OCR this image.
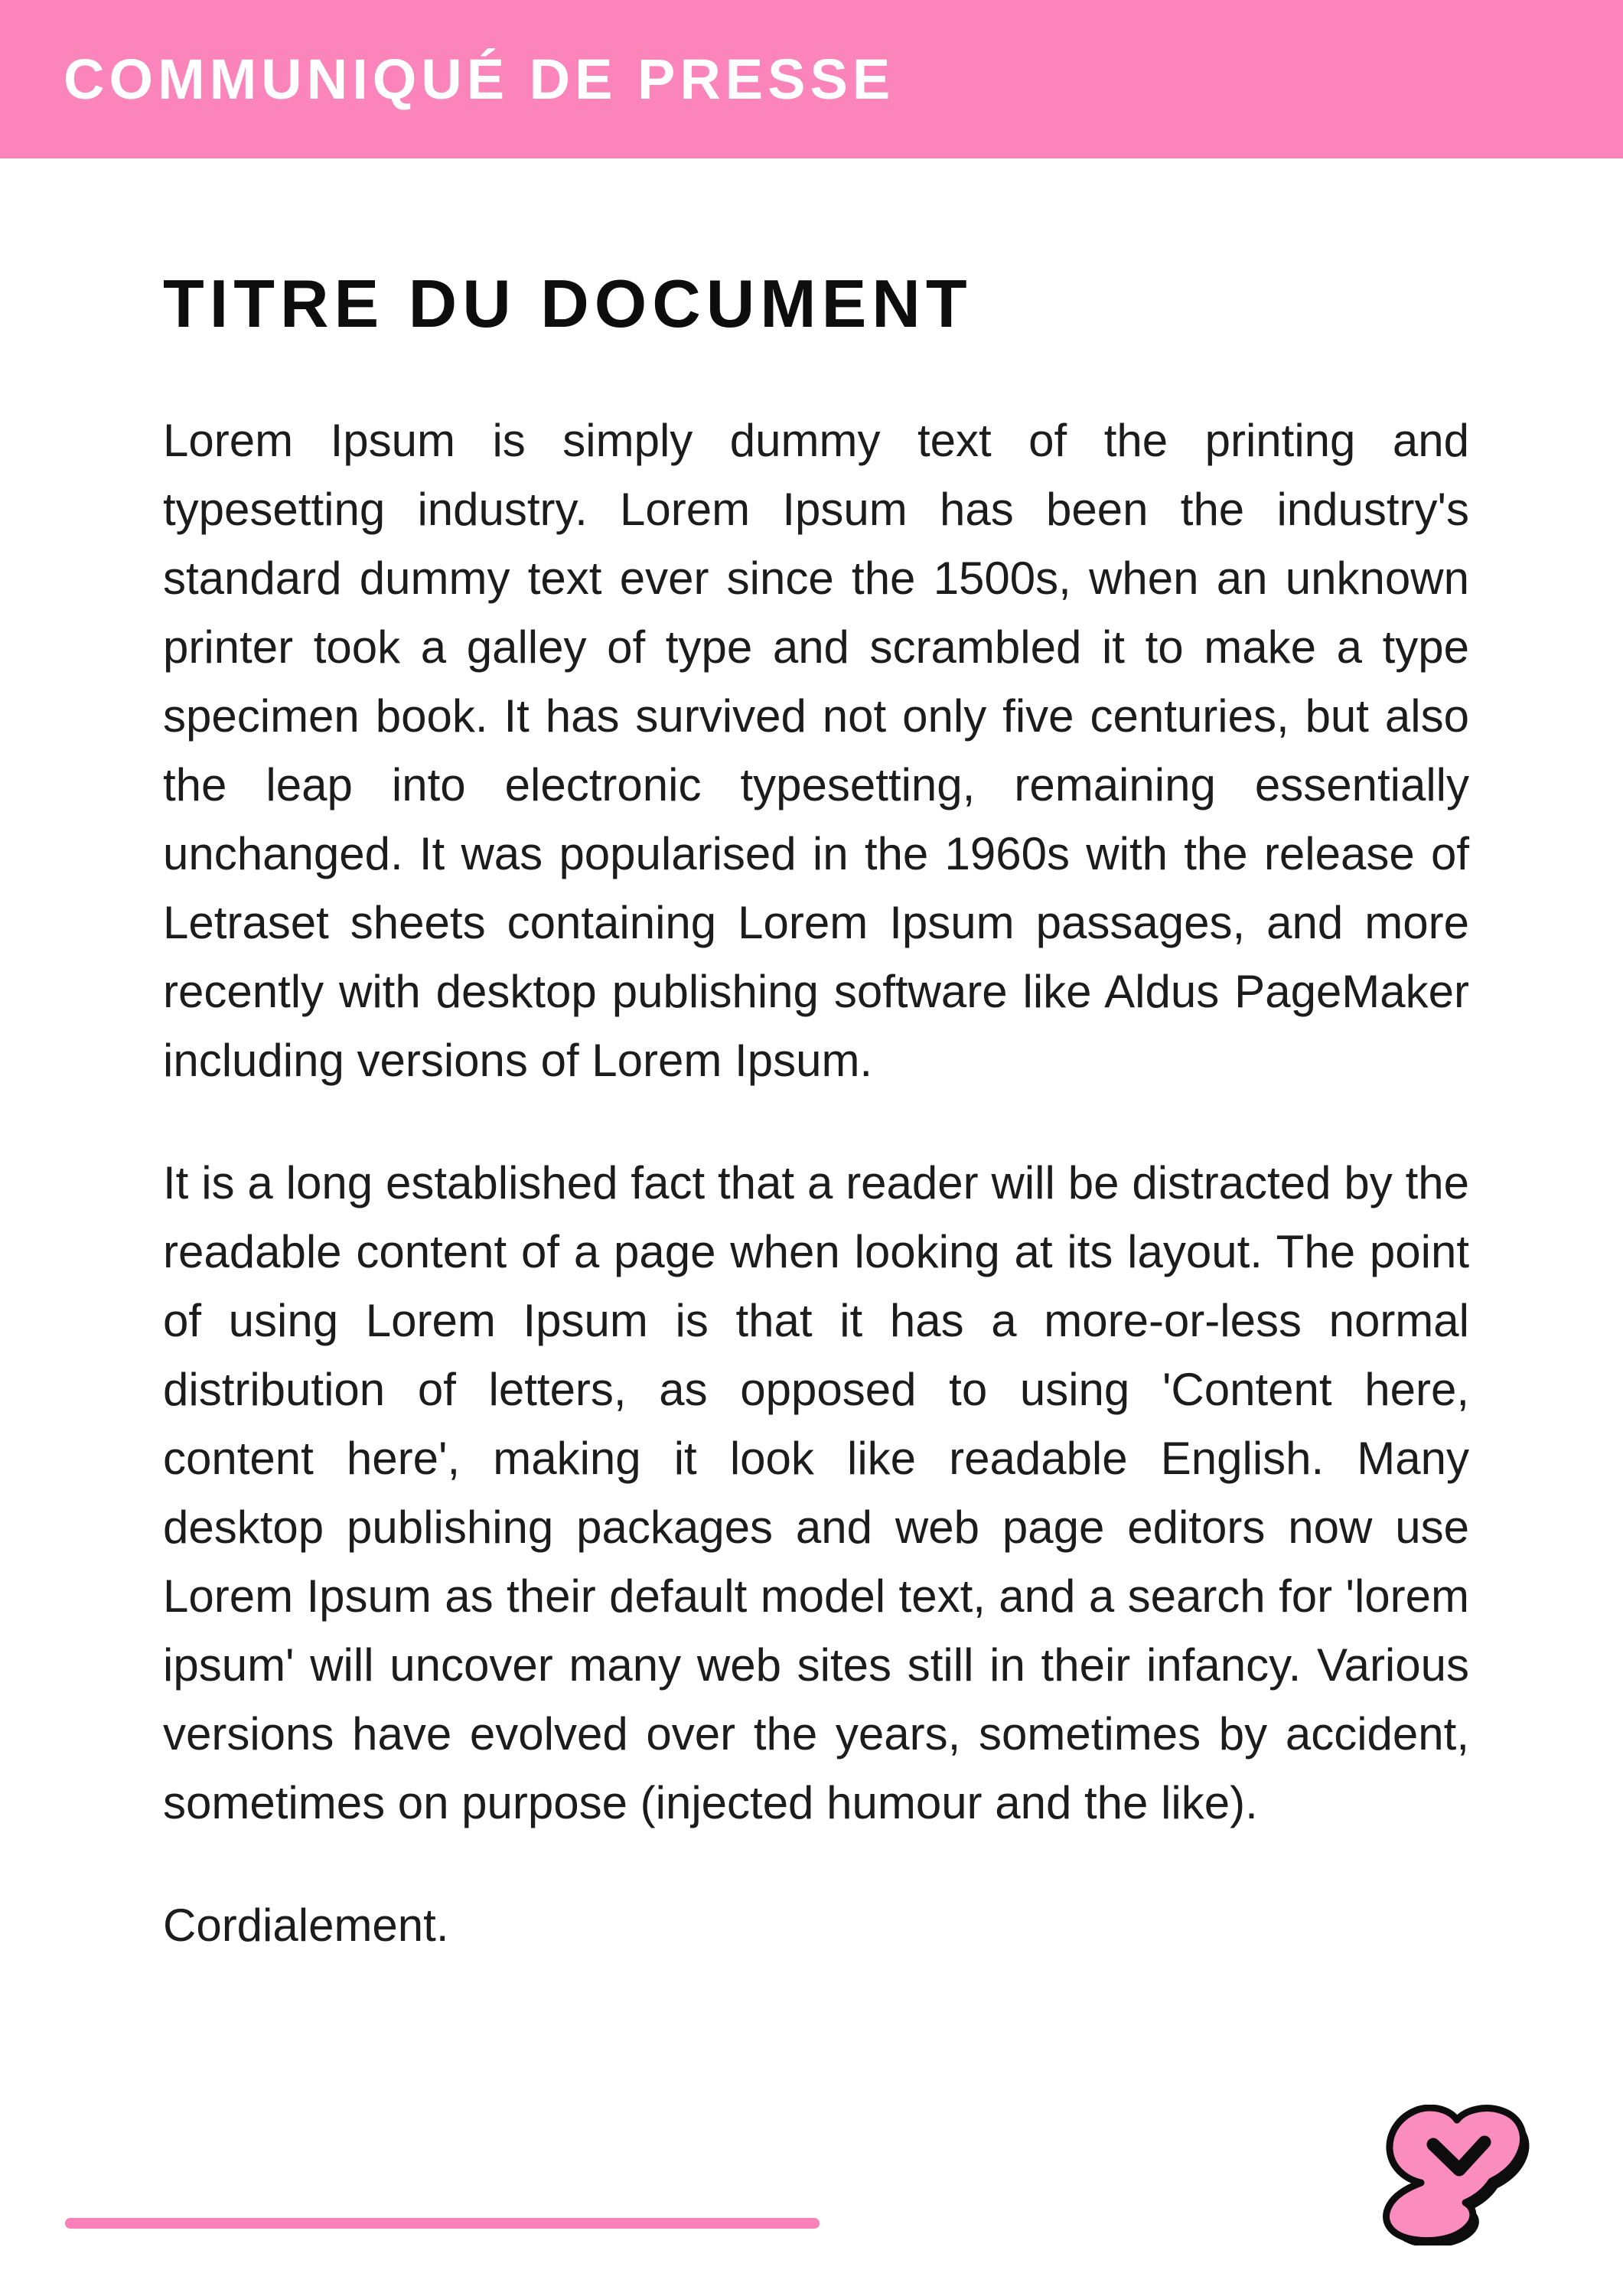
COMMUNIQUÉ DE PRESSE
TITRE DU DOCUMENT

Lorem Ipsum is simply dummy text of the printing and typesetting industry. Lorem Ipsum has been the industry's standard dummy text ever since the 1500s, when an unknown printer took a galley of type and scrambled it to make a type specimen book. It has survived not only five centuries, but also the leap into electronic typesetting, remaining essentially unchanged. It was popularised in the 1960s with the release of Letraset sheets containing Lorem Ipsum passages, and more recently with desktop publishing software like Aldus PageMaker including versions of Lorem Ipsum.

It is a long established fact that a reader will be distracted by the readable content of a page when looking at its layout. The point of using Lorem Ipsum is that it has a more-or-less normal distribution of letters, as opposed to using 'Content here, content here', making it look like readable English. Many desktop publishing packages and web page editors now use Lorem Ipsum as their default model text, and a search for 'lorem ipsum' will uncover many web sites still in their infancy. Various versions have evolved over the years, sometimes by accident, sometimes on purpose (injected humour and the like).

Cordialement.
